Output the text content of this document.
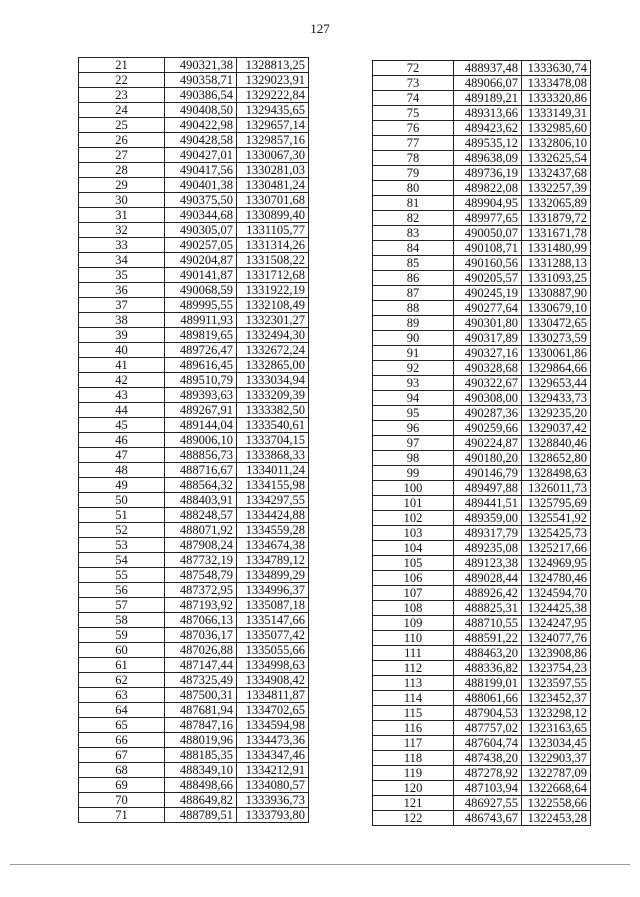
127
21	490321,38	1328813,25
22	490358,71	1329023,91
23	490386,54	1329222,84
24	490408,50	1329435,65
25	490422,98	1329657,14
26	490428,58	1329857,16
27	490427,01	1330067,30
28	490417,56	1330281,03
29	490401,38	1330481,24
30	490375,50	1330701,68
31	490344,68	1330899,40
32	490305,07	1331105,77
33	490257,05	1331314,26
34	490204,87	1331508,22
35	490141,87	1331712,68
36	490068,59	1331922,19
37	489995,55	1332108,49
38	489911,93	1332301,27
39	489819,65	1332494,30
40	489726,47	1332672,24
41	489616,45	1332865,00
42	489510,79	1333034,94
43	489393,63	1333209,39
44	489267,91	1333382,50
45	489144,04	1333540,61
46	489006,10	1333704,15
47	488856,73	1333868,33
48	488716,67	1334011,24
49	488564,32	1334155,98
50	488403,91	1334297,55
51	488248,57	1334424,88
52	488071,92	1334559,28
53	487908,24	1334674,38
54	487732,19	1334789,12
55	487548,79	1334899,29
56	487372,95	1334996,37
57	487193,92	1335087,18
58	487066,13	1335147,66
59	487036,17	1335077,42
60	487026,88	1335055,66
61	487147,44	1334998,63
62	487325,49	1334908,42
63	487500,31	1334811,87
64	487681,94	1334702,65
65	487847,16	1334594,98
66	488019,96	1334473,36
67	488185,35	1334347,46
68	488349,10	1334212,91
69	488498,66	1334080,57
70	488649,82	1333936,73
71	488789,51	1333793,80
72	488937,48	1333630,74
73	489066,07	1333478,08
74	489189,21	1333320,86
75	489313,66	1333149,31
76	489423,62	1332985,60
77	489535,12	1332806,10
78	489638,09	1332625,54
79	489736,19	1332437,68
80	489822,08	1332257,39
81	489904,95	1332065,89
82	489977,65	1331879,72
83	490050,07	1331671,78
84	490108,71	1331480,99
85	490160,56	1331288,13
86	490205,57	1331093,25
87	490245,19	1330887,90
88	490277,64	1330679,10
89	490301,80	1330472,65
90	490317,89	1330273,59
91	490327,16	1330061,86
92	490328,68	1329864,66
93	490322,67	1329653,44
94	490308,00	1329433,73
95	490287,36	1329235,20
96	490259,66	1329037,42
97	490224,87	1328840,46
98	490180,20	1328652,80
99	490146,79	1328498,63
100	489497,88	1326011,73
101	489441,51	1325795,69
102	489359,00	1325541,92
103	489317,79	1325425,73
104	489235,08	1325217,66
105	489123,38	1324969,95
106	489028,44	1324780,46
107	488926,42	1324594,70
108	488825,31	1324425,38
109	488710,55	1324247,95
110	488591,22	1324077,76
111	488463,20	1323908,86
112	488336,82	1323754,23
113	488199,01	1323597,55
114	488061,66	1323452,37
115	487904,53	1323298,12
116	487757,02	1323163,65
117	487604,74	1323034,45
118	487438,20	1322903,37
119	487278,92	1322787,09
120	487103,94	1322668,64
121	486927,55	1322558,66
122	486743,67	1322453,28
